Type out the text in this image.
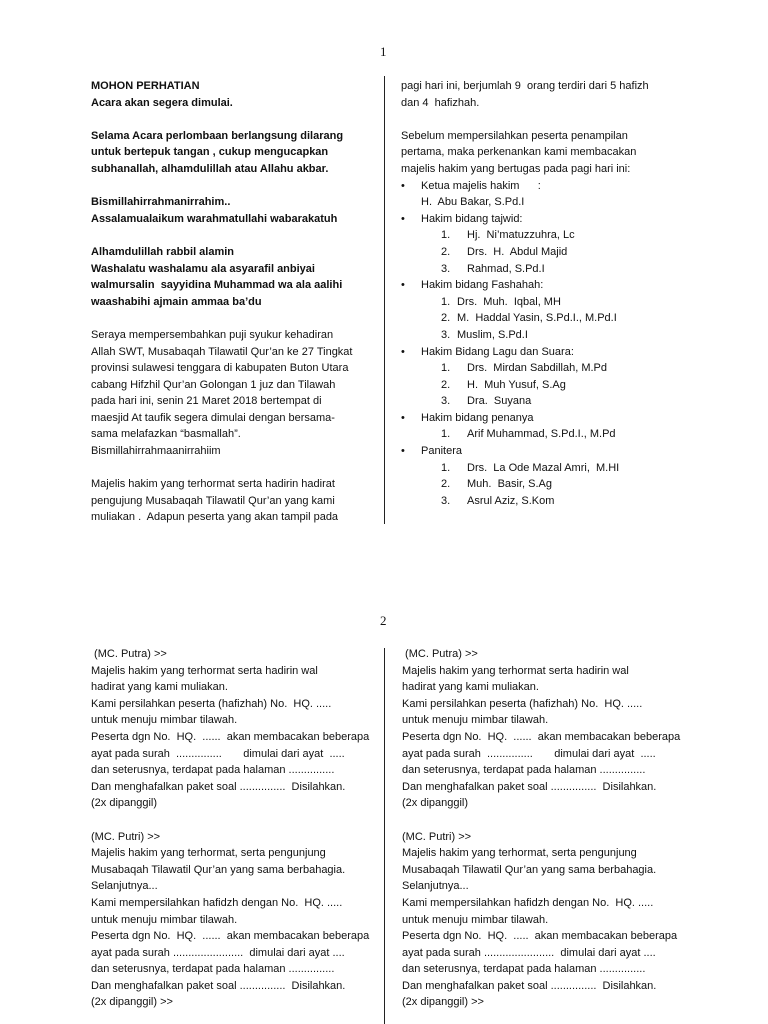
1

MOHON PERHATIAN

Acara akan segera dimulai.

Selama Acara perlombaan berlangsung dilarang

untuk bertepuk tangan , cukup mengucapkan

subhanallah, alhamdulillah atau Allahu akbar.

Bismillahirrahmanirrahim..

Assalamualaikum warahmatullahi wabarakatuh

Alhamdulillah rabbil alamin

Washalatu washalamu ala asyarafil anbiyai

walmursalin  sayyidina Muhammad wa ala aalihi

waashabihi ajmain ammaa ba’du

Seraya mempersembahkan puji syukur kehadiran

Allah SWT, Musabaqah Tilawatil Qur’an ke 27 Tingkat

provinsi sulawesi tenggara di kabupaten Buton Utara

cabang Hifzhil Qur’an Golongan 1 juz dan Tilawah

pada hari ini, senin 21 Maret 2018 bertempat di

maesjid At taufik segera dimulai dengan bersama-

sama melafazkan “basmallah”.

Bismillahirrahmaanirrahiim

Majelis hakim yang terhormat serta hadirin hadirat

pengujung Musabaqah Tilawatil Qur’an yang kami

muliakan .  Adapun peserta yang akan tampil pada

pagi hari ini, berjumlah 9  orang terdiri dari 5 hafizh

dan 4  hafizhah.

Sebelum mempersilahkan peserta penampilan

pertama, maka perkenankan kami membacakan

majelis hakim yang bertugas pada pagi hari ini:

• Ketua majelis hakim      :
H.  Abu Bakar, S.Pd.I
• Hakim bidang tajwid:
1. Hj.  Ni’matuzzuhra, Lc
2. Drs.  H.  Abdul Majid
3. Rahmad, S.Pd.I
• Hakim bidang Fashahah:
1. Drs.  Muh.  Iqbal, MH
2. M.  Haddal Yasin, S.Pd.I., M.Pd.I
3. Muslim, S.Pd.I
• Hakim Bidang Lagu dan Suara:
1. Drs.  Mirdan Sabdillah, M.Pd
2. H.  Muh Yusuf, S.Ag
3. Dra.  Suyana
• Hakim bidang penanya
1. Arif Muhammad, S.Pd.I., M.Pd
• Panitera
1. Drs.  La Ode Mazal Amri,  M.HI
2. Muh.  Basir, S.Ag
3. Asrul Aziz, S.Kom
2

(MC. Putra) >>

Majelis hakim yang terhormat serta hadirin wal

hadirat yang kami muliakan.

Kami persilahkan peserta (hafizhah) No.  HQ. .....

untuk menuju mimbar tilawah.

Peserta dgn No.  HQ.  ......  akan membacakan beberapa

ayat pada surah  ...............       dimulai dari ayat  .....

dan seterusnya, terdapat pada halaman ...............

Dan menghafalkan paket soal ...............  Disilahkan.

(2x dipanggil)

(MC. Putri) >>

Majelis hakim yang terhormat, serta pengunjung

Musabaqah Tilawatil Qur’an yang sama berbahagia.

Selanjutnya...

Kami mempersilahkan hafidzh dengan No.  HQ. .....

untuk menuju mimbar tilawah.

Peserta dgn No.  HQ.  ......  akan membacakan beberapa

ayat pada surah .......................  dimulai dari ayat ....

dan seterusnya, terdapat pada halaman ...............

Dan menghafalkan paket soal ...............  Disilahkan.

(2x dipanggil) >>

(MC. Putra) >>

Majelis hakim yang terhormat serta hadirin wal

hadirat yang kami muliakan.

Kami persilahkan peserta (hafizhah) No.  HQ. .....

untuk menuju mimbar tilawah.

Peserta dgn No.  HQ.  ......  akan membacakan beberapa

ayat pada surah  ...............       dimulai dari ayat  .....

dan seterusnya, terdapat pada halaman ...............

Dan menghafalkan paket soal ...............  Disilahkan.

(2x dipanggil)

(MC. Putri) >>

Majelis hakim yang terhormat, serta pengunjung

Musabaqah Tilawatil Qur’an yang sama berbahagia.

Selanjutnya...

Kami mempersilahkan hafidzh dengan No.  HQ. .....

untuk menuju mimbar tilawah.

Peserta dgn No.  HQ.  .....  akan membacakan beberapa

ayat pada surah .......................  dimulai dari ayat ....

dan seterusnya, terdapat pada halaman ...............

Dan menghafalkan paket soal ...............  Disilahkan.

(2x dipanggil) >>
